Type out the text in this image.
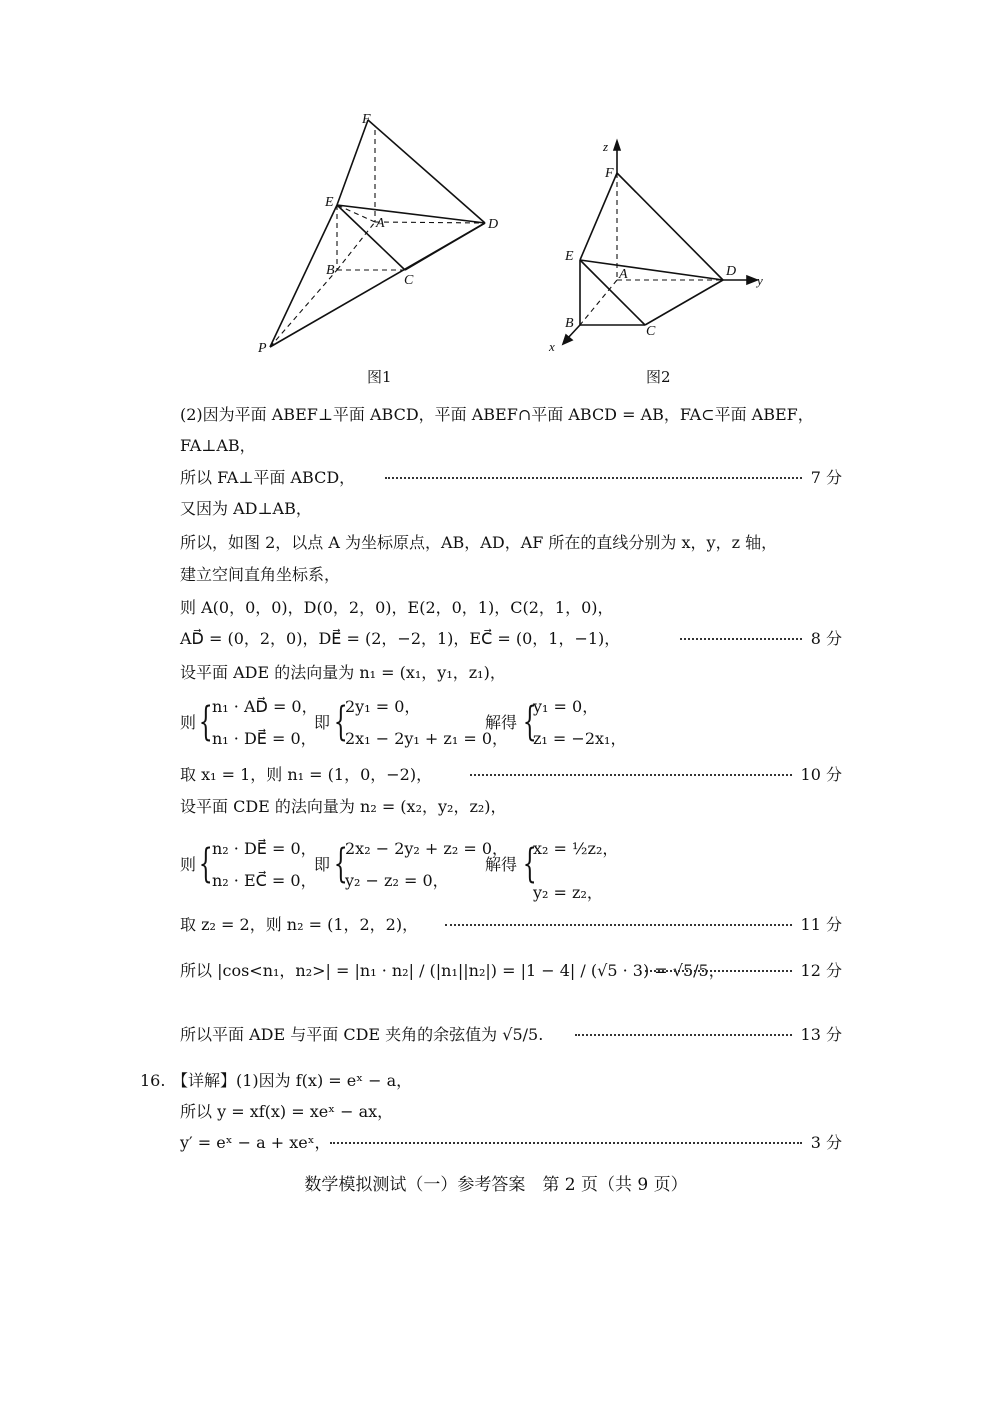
F
E
A	D
B
C
P
图1
z
F
E
A	D
y
B
C
x
图2
(2)因为平面 ABEF⊥平面 ABCD，平面 ABEF∩平面 ABCD = AB，FA⊂平面 ABEF，
FA⊥AB，
所以 FA⊥平面 ABCD，	7 分
又因为 AD⊥AB，
所以，如图 2，以点 A 为坐标原点，AB，AD，AF 所在的直线分别为 x，y，z 轴，
建立空间直角坐标系，
则 A(0，0，0)，D(0，2，0)，E(2，0，1)，C(2，1，0)，
AD⃗ = (0，2，0)，DE⃗ = (2，−2，1)，EC⃗ = (0，1，−1)，	8 分
设平面 ADE 的法向量为 n₁ = (x₁，y₁，z₁)，
则 { n₁ · AD⃗ = 0，
n₁ · DE⃗ = 0，
即 {
2y₁ = 0，
2x₁ − 2y₁ + z₁ = 0，
解得 {
y₁ = 0，
z₁ = −2x₁，
取 x₁ = 1，则 n₁ = (1，0，−2)，	10 分
设平面 CDE 的法向量为 n₂ = (x₂，y₂，z₂)，
则 { n₂ · DE⃗ = 0，
n₂ · EC⃗ = 0，
即 {
2x₂ − 2y₂ + z₂ = 0，
y₂ − z₂ = 0，
解得 {
x₂ = ½z₂，
y₂ = z₂，
取 z₂ = 2，则 n₂ = (1，2，2)，	11 分
所以 |cos<n₁，n₂>| = |n₁ · n₂| / (|n₁||n₂|) = |1 − 4| / (√5 · 3) = √5/5，	12 分
所以平面 ADE 与平面 CDE 夹角的余弦值为 √5/5.	13 分
16. 【详解】(1)因为 f(x) = eˣ − a，
所以 y = xf(x) = xeˣ − ax，
y′ = eˣ − a + xeˣ，	3 分
数学模拟测试（一）参考答案　第 2 页（共 9 页）
